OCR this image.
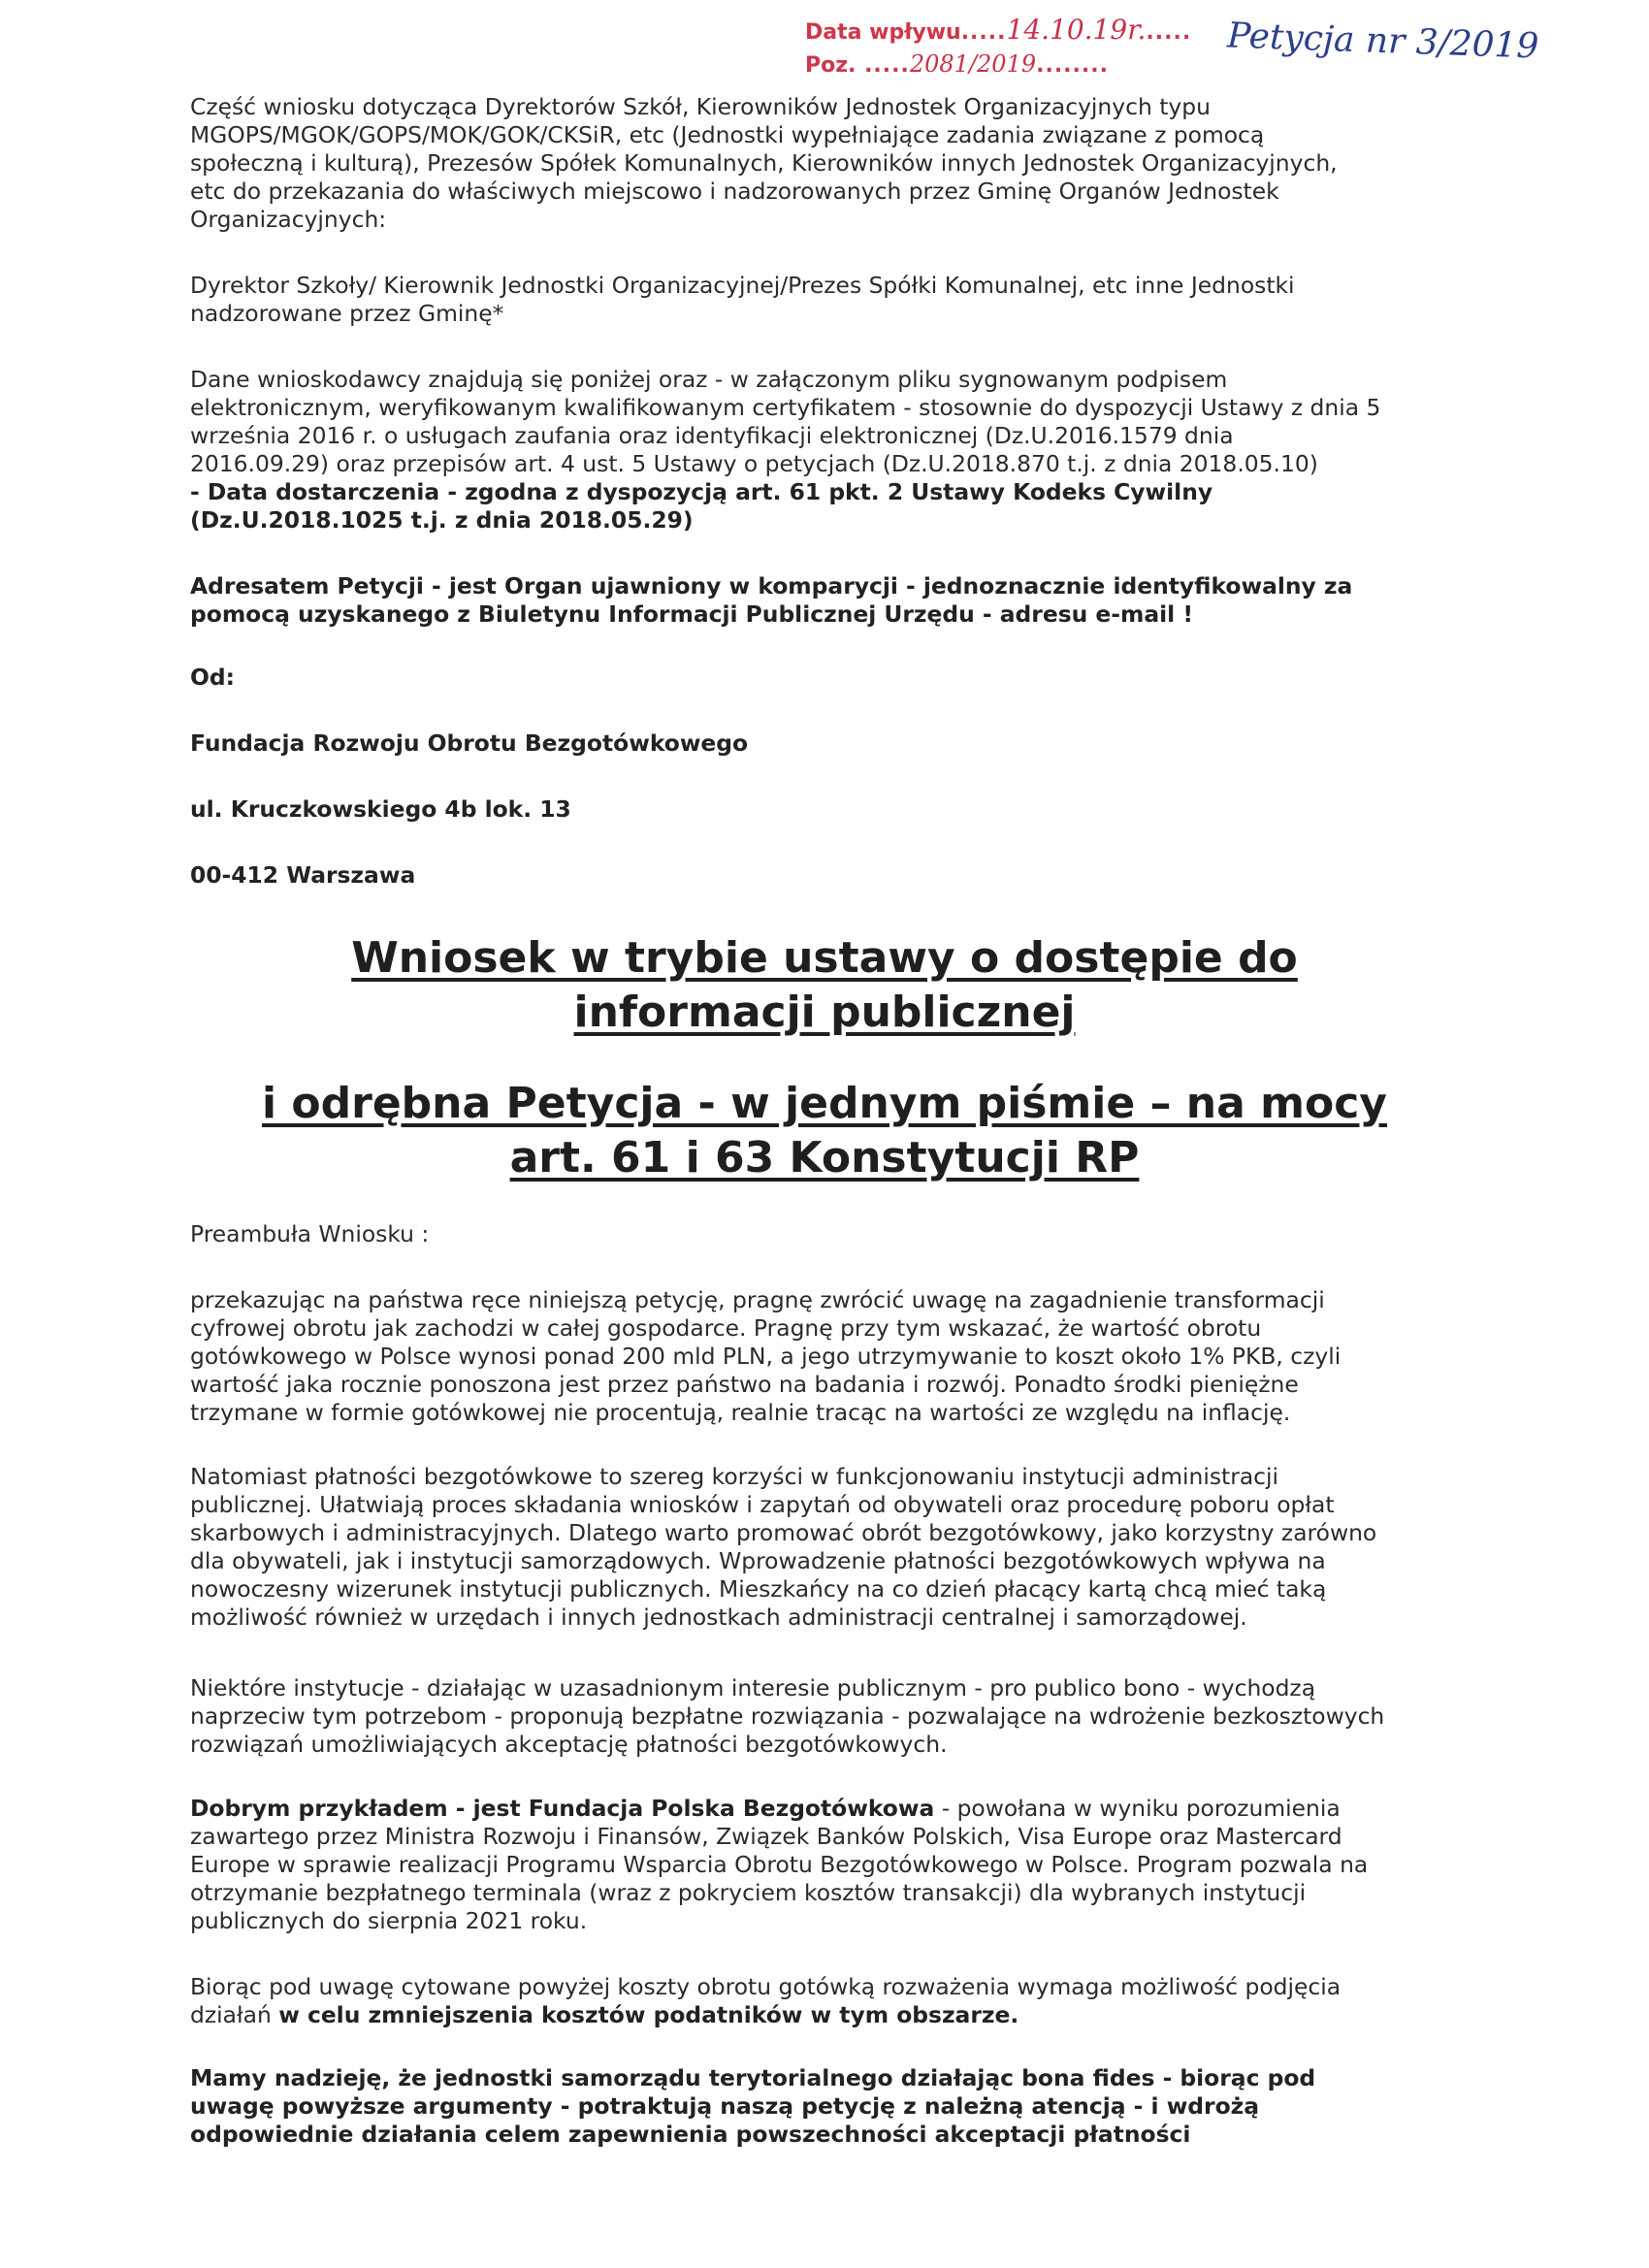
Data wpływu.....14.10.19r......
Poz. .....2081/2019........	Petycja nr 3/2019
Część wniosku dotycząca Dyrektorów Szkół, Kierowników Jednostek Organizacyjnych typu
MGOPS/MGOK/GOPS/MOK/GOK/CKSiR, etc (Jednostki wypełniające zadania związane z pomocą
społeczną i kulturą), Prezesów Spółek Komunalnych, Kierowników innych Jednostek Organizacyjnych,
etc do przekazania do właściwych miejscowo i nadzorowanych przez Gminę Organów Jednostek
Organizacyjnych:
Dyrektor Szkoły/ Kierownik Jednostki Organizacyjnej/Prezes Spółki Komunalnej, etc inne Jednostki
nadzorowane przez Gminę*
Dane wnioskodawcy znajdują się poniżej oraz - w załączonym pliku sygnowanym podpisem
elektronicznym, weryfikowanym kwalifikowanym certyfikatem - stosownie do dyspozycji Ustawy z dnia 5
września 2016 r. o usługach zaufania oraz identyfikacji elektronicznej (Dz.U.2016.1579 dnia
2016.09.29) oraz przepisów art. 4 ust. 5 Ustawy o petycjach (Dz.U.2018.870 t.j. z dnia 2018.05.10)
- Data dostarczenia - zgodna z dyspozycją art. 61 pkt. 2 Ustawy Kodeks Cywilny
(Dz.U.2018.1025 t.j. z dnia 2018.05.29)
Adresatem Petycji - jest Organ ujawniony w komparycji - jednoznacznie identyfikowalny za
pomocą uzyskanego z Biuletynu Informacji Publicznej Urzędu - adresu e-mail !
Od:
Fundacja Rozwoju Obrotu Bezgotówkowego
ul. Kruczkowskiego 4b lok. 13
00-412 Warszawa
Wniosek w trybie ustawy o dostępie do
informacji publicznej
i odrębna Petycja - w jednym piśmie – na mocy
art. 61 i 63 Konstytucji RP
Preambuła Wniosku :
przekazując na państwa ręce niniejszą petycję, pragnę zwrócić uwagę na zagadnienie transformacji
cyfrowej obrotu jak zachodzi w całej gospodarce. Pragnę przy tym wskazać, że wartość obrotu
gotówkowego w Polsce wynosi ponad 200 mld PLN, a jego utrzymywanie to koszt około 1% PKB, czyli
wartość jaka rocznie ponoszona jest przez państwo na badania i rozwój. Ponadto środki pieniężne
trzymane w formie gotówkowej nie procentują, realnie tracąc na wartości ze względu na inflację.
Natomiast płatności bezgotówkowe to szereg korzyści w funkcjonowaniu instytucji administracji
publicznej. Ułatwiają proces składania wniosków i zapytań od obywateli oraz procedurę poboru opłat
skarbowych i administracyjnych. Dlatego warto promować obrót bezgotówkowy, jako korzystny zarówno
dla obywateli, jak i instytucji samorządowych. Wprowadzenie płatności bezgotówkowych wpływa na
nowoczesny wizerunek instytucji publicznych. Mieszkańcy na co dzień płacący kartą chcą mieć taką
możliwość również w urzędach i innych jednostkach administracji centralnej i samorządowej.
Niektóre instytucje - działając w uzasadnionym interesie publicznym - pro publico bono - wychodzą
naprzeciw tym potrzebom - proponują bezpłatne rozwiązania - pozwalające na wdrożenie bezkosztowych
rozwiązań umożliwiających akceptację płatności bezgotówkowych.
Dobrym przykładem - jest Fundacja Polska Bezgotówkowa - powołana w wyniku porozumienia
zawartego przez Ministra Rozwoju i Finansów, Związek Banków Polskich, Visa Europe oraz Mastercard
Europe w sprawie realizacji Programu Wsparcia Obrotu Bezgotówkowego w Polsce. Program pozwala na
otrzymanie bezpłatnego terminala (wraz z pokryciem kosztów transakcji) dla wybranych instytucji
publicznych do sierpnia 2021 roku.
Biorąc pod uwagę cytowane powyżej koszty obrotu gotówką rozważenia wymaga możliwość podjęcia
działań w celu zmniejszenia kosztów podatników w tym obszarze.
Mamy nadzieję, że jednostki samorządu terytorialnego działając bona fides - biorąc pod
uwagę powyższe argumenty - potraktują naszą petycję z należną atencją - i wdrożą
odpowiednie działania celem zapewnienia powszechności akceptacji płatności
